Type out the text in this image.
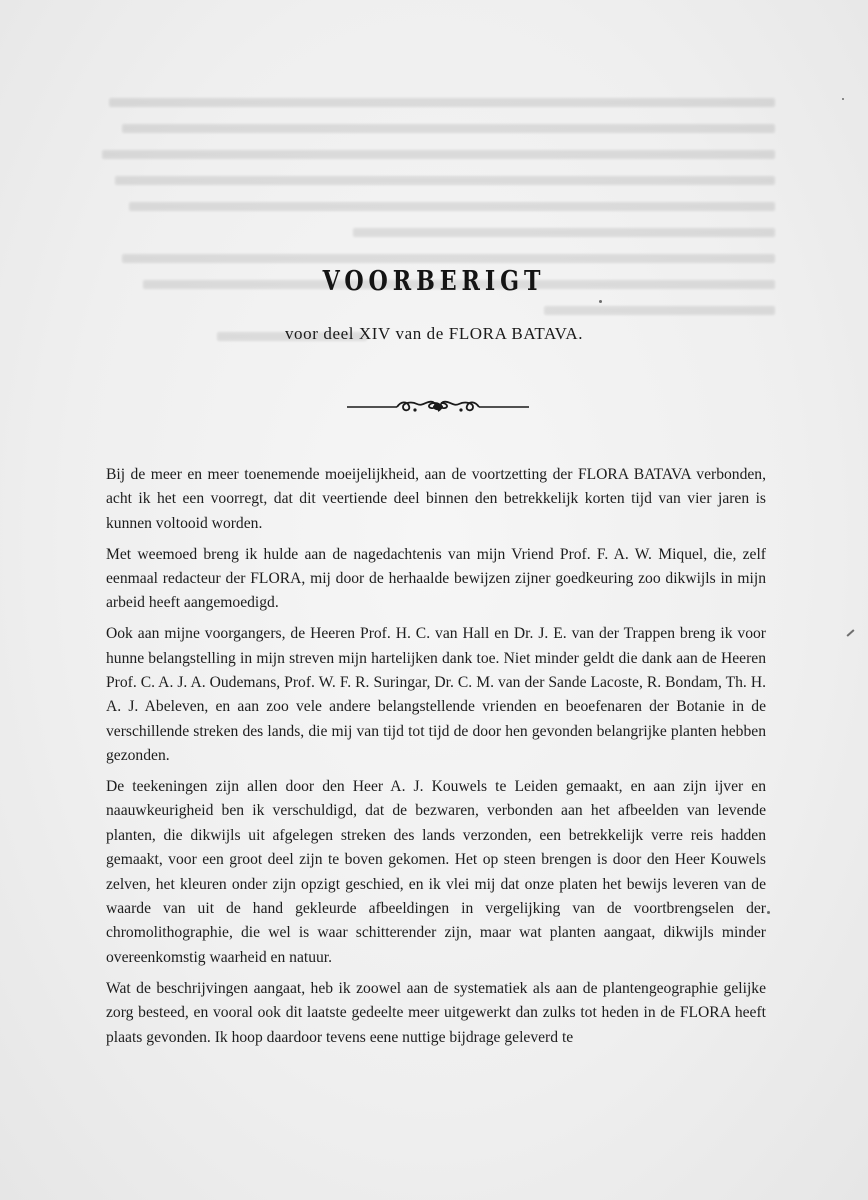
VOORBERIGT
voor deel XIV van de FLORA BATAVA.

Bij de meer en meer toenemende moeijelijkheid, aan de voortzetting der FLORA BATAVA verbonden, acht ik het een voorregt, dat dit veertiende deel binnen den betrekkelijk korten tijd van vier jaren is kunnen voltooid worden.

Met weemoed breng ik hulde aan de nagedachtenis van mijn Vriend Prof. F. A. W. Miquel, die, zelf eenmaal redacteur der FLORA, mij door de herhaalde bewijzen zijner goedkeuring zoo dikwijls in mijn arbeid heeft aangemoedigd.

Ook aan mijne voorgangers, de Heeren Prof. H. C. van Hall en Dr. J. E. van der Trappen breng ik voor hunne belangstelling in mijn streven mijn hartelijken dank toe. Niet minder geldt die dank aan de Heeren Prof. C. A. J. A. Oudemans, Prof. W. F. R. Suringar, Dr. C. M. van der Sande Lacoste, R. Bondam, Th. H. A. J. Abeleven, en aan zoo vele andere belangstellende vrienden en beoefenaren der Botanie in de verschillende streken des lands, die mij van tijd tot tijd de door hen gevonden belangrijke planten hebben gezonden.

De teekeningen zijn allen door den Heer A. J. Kouwels te Leiden gemaakt, en aan zijn ijver en naauwkeurigheid ben ik verschuldigd, dat de bezwaren, verbonden aan het afbeelden van levende planten, die dikwijls uit afgelegen streken des lands verzonden, een betrekkelijk verre reis hadden gemaakt, voor een groot deel zijn te boven gekomen. Het op steen brengen is door den Heer Kouwels zelven, het kleuren onder zijn opzigt geschied, en ik vlei mij dat onze platen het bewijs leveren van de waarde van uit de hand gekleurde afbeeldingen in vergelijking van de voortbrengselen der chromolithographie, die wel is waar schitterender zijn, maar wat planten aangaat, dikwijls minder overeenkomstig waarheid en natuur.

Wat de beschrijvingen aangaat, heb ik zoowel aan de systematiek als aan de plantengeographie gelijke zorg besteed, en vooral ook dit laatste gedeelte meer uitgewerkt dan zulks tot heden in de FLORA heeft plaats gevonden. Ik hoop daardoor tevens eene nuttige bijdrage geleverd te
